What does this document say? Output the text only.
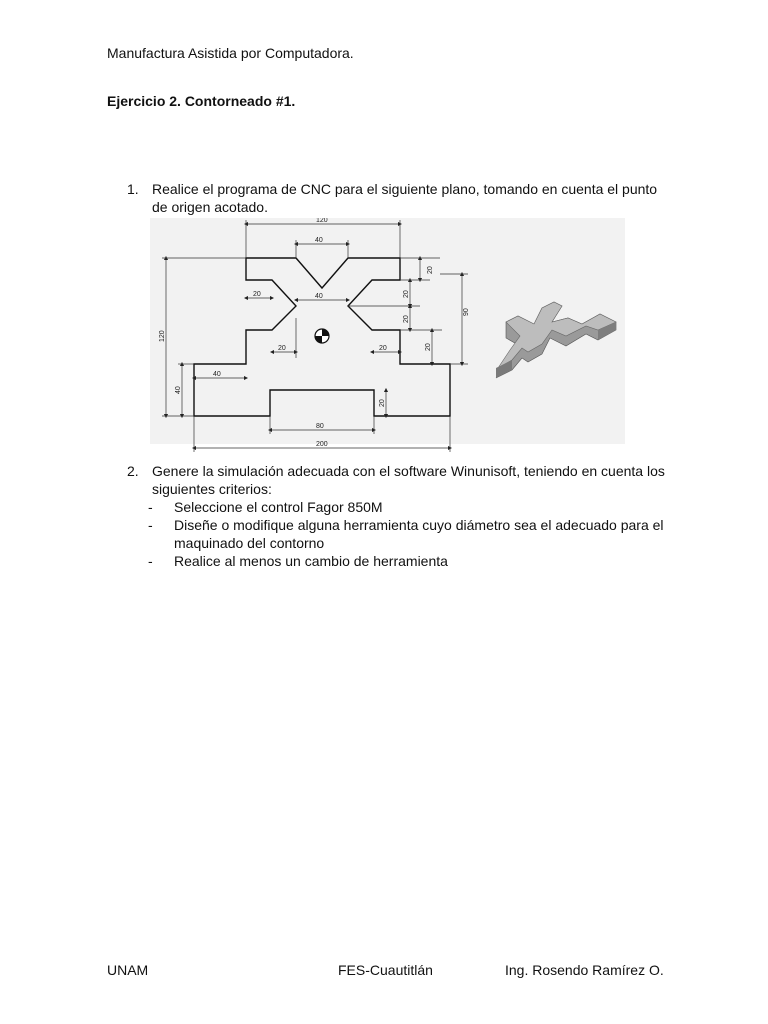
Manufactura Asistida por Computadora.
Ejercicio 2. Contorneado #1.
1. Realice el programa de CNC para el siguiente plano, tomando en cuenta el punto
de origen acotado.
120
40
40
20
20	20
40
80
200
120
40
20
20
20
20
20
90
2. Genere la simulación adecuada con el software Winunisoft, teniendo en cuenta los
siguientes criterios:
- Seleccione el control Fagor 850M
- Diseñe o modifique alguna herramienta cuyo diámetro sea el adecuado para el
maquinado del contorno
- Realice al menos un cambio de herramienta
UNAM	FES-Cuautitlán	Ing. Rosendo Ramírez O.
